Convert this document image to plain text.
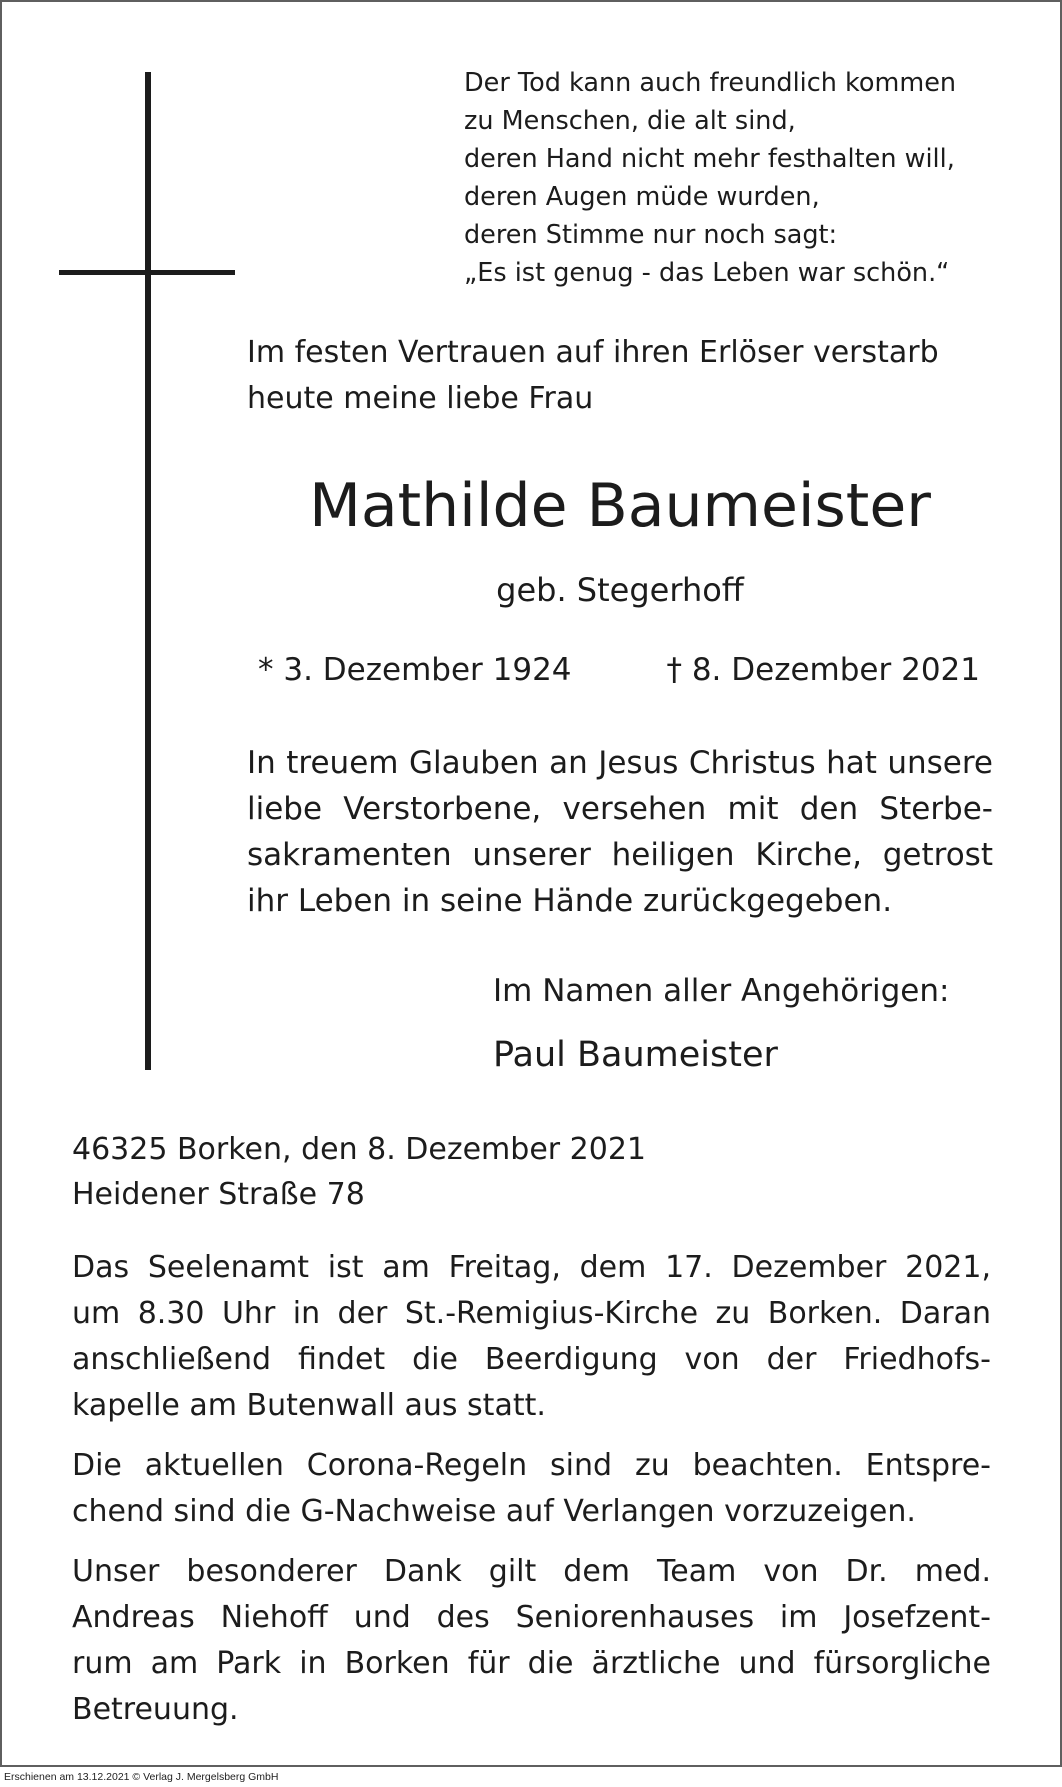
Der Tod kann auch freundlich kommen
zu Menschen, die alt sind,
deren Hand nicht mehr festhalten will,
deren Augen müde wurden,
deren Stimme nur noch sagt:
„Es ist genug - das Leben war schön.“
Im festen Vertrauen auf ihren Erlöser verstarb
heute meine liebe Frau
Mathilde Baumeister
geb. Stegerhoff
* 3. Dezember 1924	† 8. Dezember 2021
In treuem Glauben an Jesus Christus hat unsere
liebe Verstorbene, versehen mit den Sterbe-
sakramenten unserer heiligen Kirche, getrost
ihr Leben in seine Hände zurückgegeben.
Im Namen aller Angehörigen:
Paul Baumeister
46325 Borken, den 8. Dezember 2021
Heidener Straße 78

Das Seelenamt ist am Freitag, dem 17. Dezember 2021,
um 8.30 Uhr in der St.-Remigius-Kirche zu Borken. Daran
anschließend findet die Beerdigung von der Friedhofs-
kapelle am Butenwall aus statt.

Die aktuellen Corona-Regeln sind zu beachten. Entspre-
chend sind die G-Nachweise auf Verlangen vorzuzeigen.

Unser besonderer Dank gilt dem Team von Dr. med.
Andreas Niehoff und des Seniorenhauses im Josefzent-
rum am Park in Borken für die ärztliche und fürsorgliche
Betreuung.

Erschienen am 13.12.2021 © Verlag J. Mergelsberg GmbH
